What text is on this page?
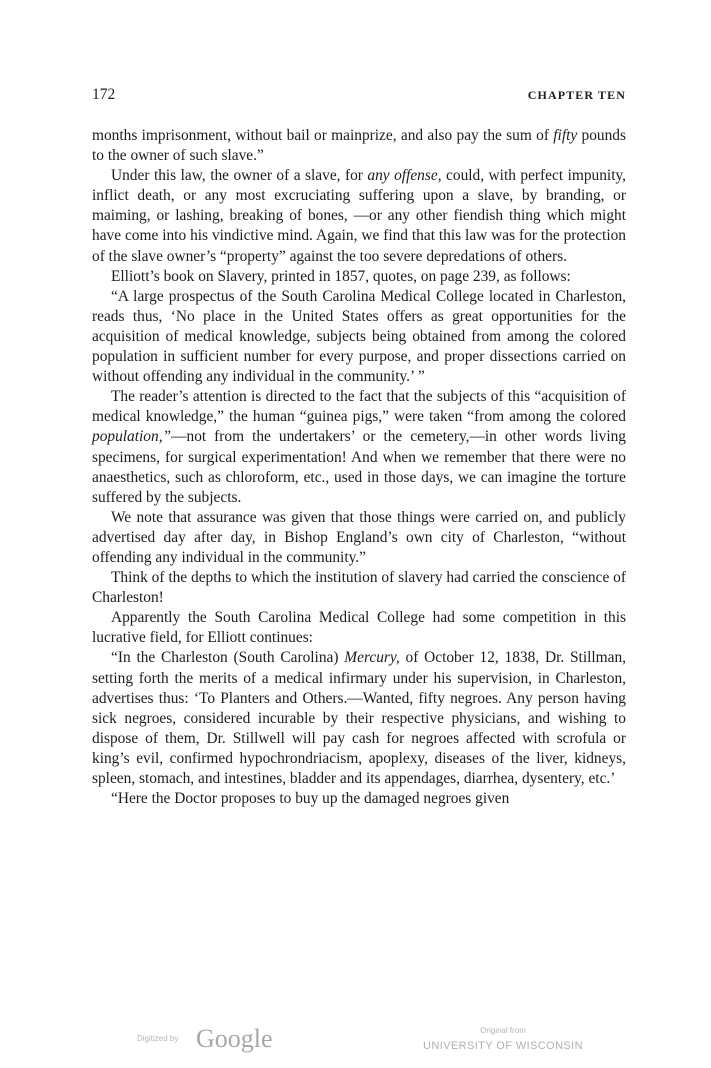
172	CHAPTER TEN

months imprisonment, without bail or mainprize, and also pay the sum of fifty pounds to the owner of such slave.”

Under this law, the owner of a slave, for any offense, could, with perfect impunity, inflict death, or any most excruciating suffering upon a slave, by branding, or maiming, or lashing, breaking of bones, —or any other fiendish thing which might have come into his vindictive mind. Again, we find that this law was for the protection of the slave owner’s “property” against the too severe depredations of others.

Elliott’s book on Slavery, printed in 1857, quotes, on page 239, as follows:

“A large prospectus of the South Carolina Medical College located in Charleston, reads thus, ‘No place in the United States offers as great opportunities for the acquisition of medical knowledge, subjects being obtained from among the colored population in sufficient number for every purpose, and proper dissections carried on without offending any individual in the community.’ ”

The reader’s attention is directed to the fact that the subjects of this “acquisition of medical knowledge,” the human “guinea pigs,” were taken “from among the colored population,”—not from the undertakers’ or the cemetery,—in other words living specimens, for surgical experimentation! And when we remember that there were no anaesthetics, such as chloroform, etc., used in those days, we can imagine the torture suffered by the subjects.

We note that assurance was given that those things were carried on, and publicly advertised day after day, in Bishop England’s own city of Charleston, “without offending any individual in the community.”

Think of the depths to which the institution of slavery had carried the conscience of Charleston!

Apparently the South Carolina Medical College had some competition in this lucrative field, for Elliott continues:

“In the Charleston (South Carolina) Mercury, of October 12, 1838, Dr. Stillman, setting forth the merits of a medical infirmary under his supervision, in Charleston, advertises thus: ‘To Planters and Others.—Wanted, fifty negroes. Any person having sick negroes, considered incurable by their respective physicians, and wishing to dispose of them, Dr. Stillwell will pay cash for negroes affected with scrofula or king’s evil, confirmed hypochrondriacism, apoplexy, diseases of the liver, kidneys, spleen, stomach, and intestines, bladder and its appendages, diarrhea, dysentery, etc.’

“Here the Doctor proposes to buy up the damaged negroes given

Digitized by Google	Original from
UNIVERSITY OF WISCONSIN
